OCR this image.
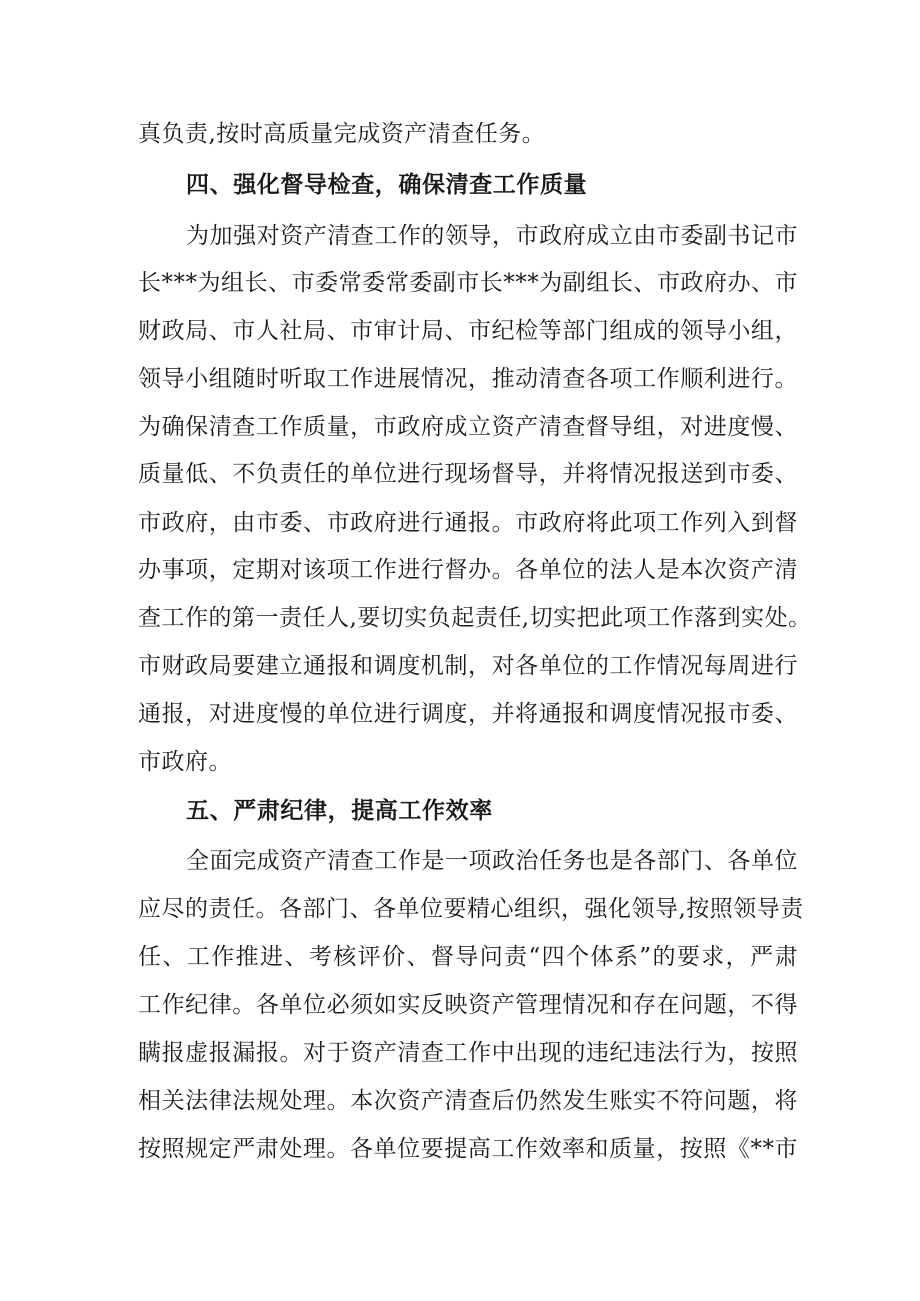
真负责,按时高质量完成资产清查任务。
四、强化督导检查，确保清查工作质量
为加强对资产清查工作的领导，市政府成立由市委副书记市
长***为组长、市委常委常委副市长***为副组长、市政府办、市
财政局、市人社局、市审计局、市纪检等部门组成的领导小组，
领导小组随时听取工作进展情况，推动清查各项工作顺利进行。
为确保清查工作质量，市政府成立资产清查督导组，对进度慢、
质量低、不负责任的单位进行现场督导，并将情况报送到市委、
市政府，由市委、市政府进行通报。市政府将此项工作列入到督
办事项，定期对该项工作进行督办。各单位的法人是本次资产清
查工作的第一责任人,要切实负起责任,切实把此项工作落到实处。
市财政局要建立通报和调度机制，对各单位的工作情况每周进行
通报，对进度慢的单位进行调度，并将通报和调度情况报市委、
市政府。
五、严肃纪律，提高工作效率
全面完成资产清查工作是一项政治任务也是各部门、各单位
应尽的责任。各部门、各单位要精心组织，强化领导,按照领导责
任、工作推进、考核评价、督导问责“四个体系”的要求，严肃
工作纪律。各单位必须如实反映资产管理情况和存在问题，不得
瞒报虚报漏报。对于资产清查工作中出现的违纪违法行为，按照
相关法律法规处理。本次资产清查后仍然发生账实不符问题，将
按照规定严肃处理。各单位要提高工作效率和质量，按照《**市
